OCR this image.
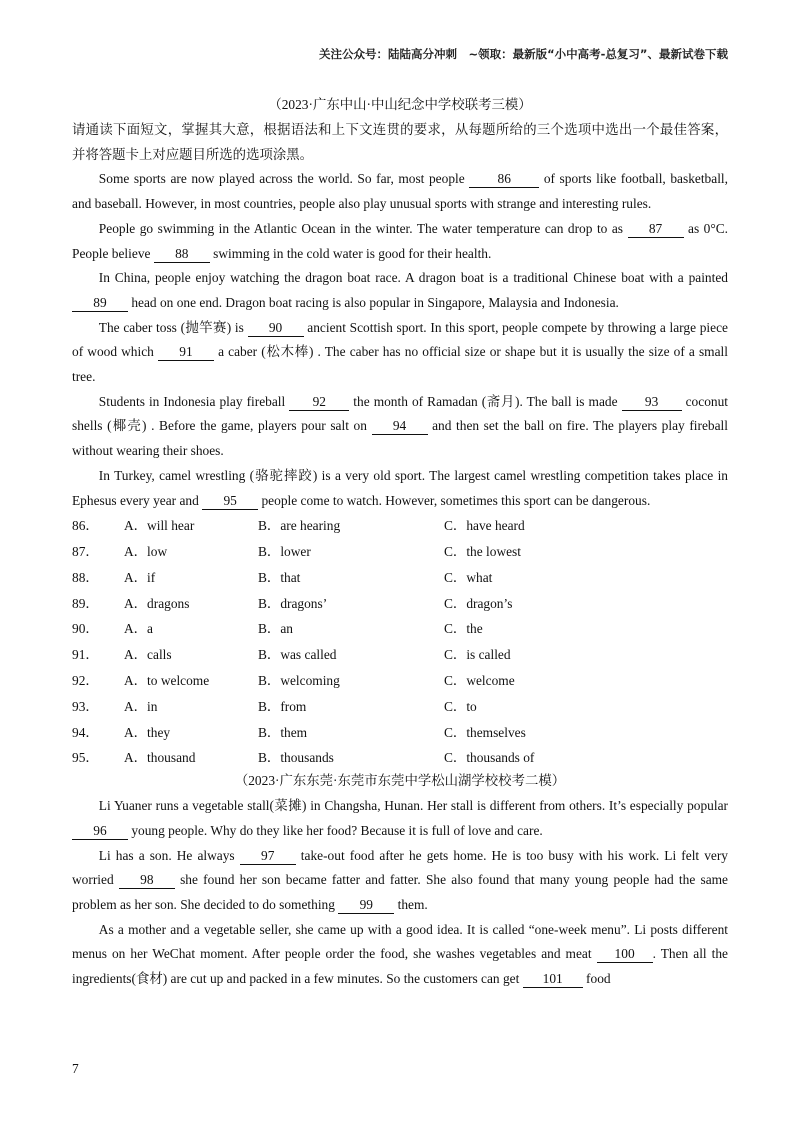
关注公众号：陆陆高分冲刺　~领取：最新版“小中高考-总复习”、最新试卷下载
（2023·广东中山·中山纪念中学校联考三模）

请通读下面短文，掌握其大意，根据语法和上下文连贯的要求，从每题所给的三个选项中选出一个最佳答案，并将答题卡上对应题目所选的选项涂黑。

Some sports are now played across the world. So far, most people 86 of sports like football, basketball, and baseball. However, in most countries, people also play unusual sports with strange and interesting rules.

People go swimming in the Atlantic Ocean in the winter. The water temperature can drop to as 87 as 0°C. People believe 88 swimming in the cold water is good for their health.

In China, people enjoy watching the dragon boat race. A dragon boat is a traditional Chinese boat with a painted 89 head on one end. Dragon boat racing is also popular in Singapore, Malaysia and Indonesia.

The caber toss (抛竿赛) is 90 ancient Scottish sport. In this sport, people compete by throwing a large piece of wood which 91 a caber (松木棒) . The caber has no official size or shape but it is usually the size of a small tree.

Students in Indonesia play fireball 92 the month of Ramadan (斋月). The ball is made 93 coconut shells (椰壳) . Before the game, players pour salt on 94 and then set the ball on fire. The players play fireball without wearing their shoes.

In Turkey, camel wrestling (骆驼摔跤) is a very old sport. The largest camel wrestling competition takes place in Ephesus every year and 95 people come to watch. However, sometimes this sport can be dangerous.

86．	A．will hear	B．are hearing	C．have heard
87．	A．low	B．lower	C．the lowest
88．	A．if	B．that	C．what
89．	A．dragons	B．dragons’	C．dragon’s
90．	A．a	B．an	C．the
91．	A．calls	B．was called	C．is called
92．	A．to welcome	B．welcoming	C．welcome
93．	A．in	B．from	C．to
94．	A．they	B．them	C．themselves
95．	A．thousand	B．thousands	C．thousands of
（2023·广东东莞·东莞市东莞中学松山湖学校校考二模）

Li Yuaner runs a vegetable stall(菜摊) in Changsha, Hunan. Her stall is different from others. It’s especially popular 96 young people. Why do they like her food? Because it is full of love and care.

Li has a son. He always 97 take-out food after he gets home. He is too busy with his work. Li felt very worried 98 she found her son became fatter and fatter. She also found that many young people had the same problem as her son. She decided to do something 99 them.

As a mother and a vegetable seller, she came up with a good idea. It is called “one-week menu”. Li posts different menus on her WeChat moment. After people order the food, she washes vegetables and meat 100 . Then all the ingredients(食材) are cut up and packed in a few minutes. So the customers can get 101 food

7
